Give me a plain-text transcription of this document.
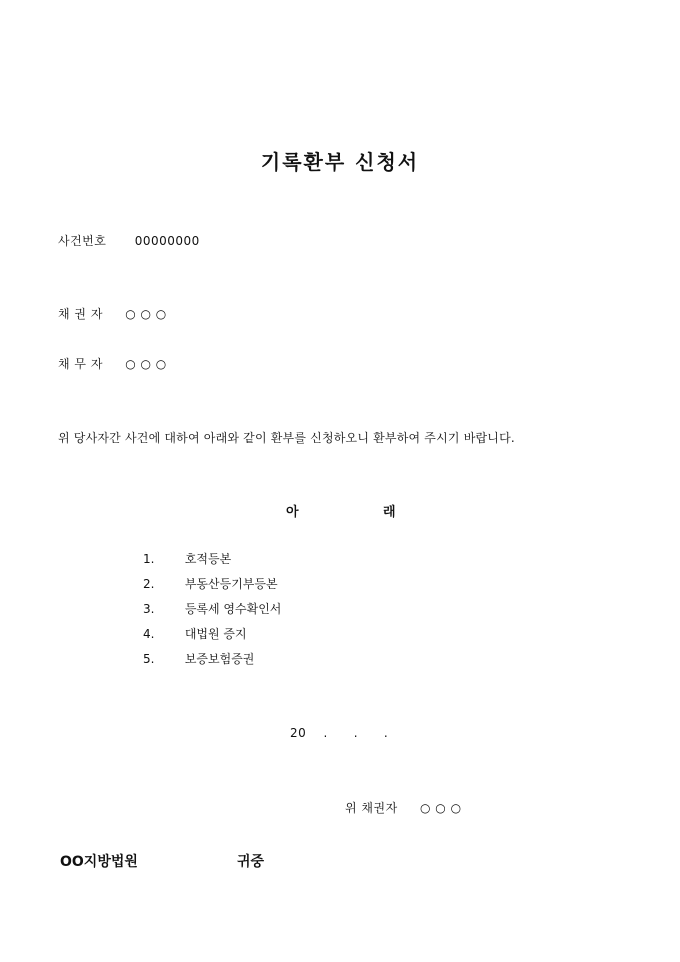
기록환부 신청서
사건번호 00000000
채 권 자 ○ ○ ○
채 무 자 ○ ○ ○
위 당사자간 사건에 대하여 아래와 같이 환부를 신청하오니 환부하여 주시기 바랍니다.
아	래
1.	호적등본
2.	부동산등기부등본
3.	등록세 영수확인서
4.	대법원 증지
5.	보증보험증권
20    .      .      .
위 채권자 ○ ○ ○
OO지방법원	귀중
